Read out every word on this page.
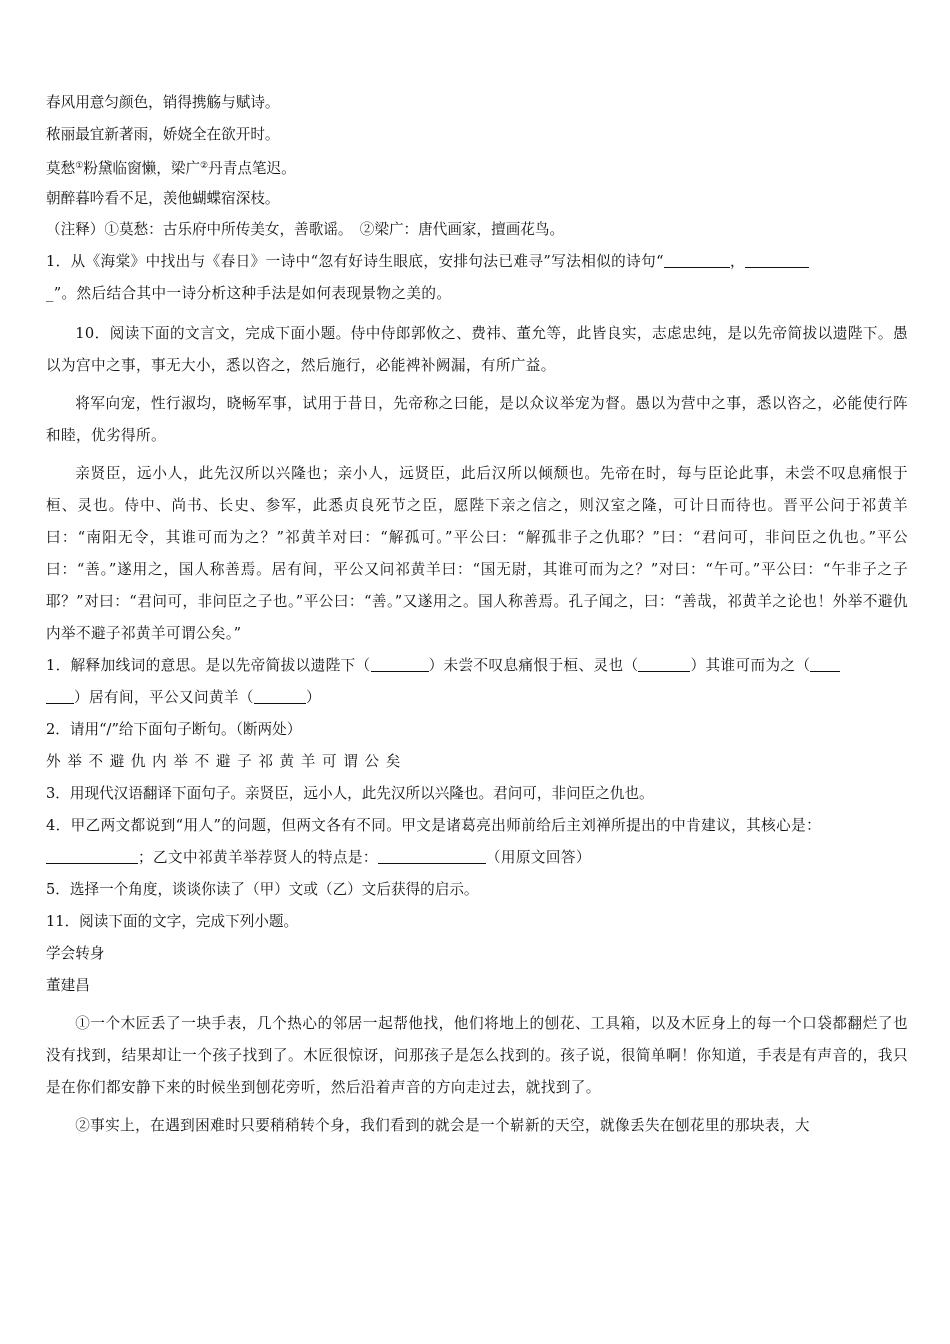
春风用意匀颜色，销得携觞与赋诗。

秾丽最宜新著雨，娇娆全在欲开时。

莫愁①粉黛临窗懒，梁广②丹青点笔迟。

朝醉暮吟看不足，羡他蝴蝶宿深枝。

（注释）①莫愁：古乐府中所传美女，善歌谣。　②梁广：唐代画家，擅画花鸟。

1．从《海棠》中找出与《春日》一诗中“忽有好诗生眼底，安排句法已难寻”写法相似的诗句“	，
_”。然后结合其中一诗分析这种手法是如何表现景物之美的。

10．阅读下面的文言文，完成下面小题。侍中侍郎郭攸之、费祎、董允等，此皆良实，志虑忠纯，是以先帝简拔以遗陛下。愚以为宫中之事，事无大小，悉以咨之，然后施行，必能裨补阙漏，有所广益。

将军向宠，性行淑均，晓畅军事，试用于昔日，先帝称之曰能，是以众议举宠为督。愚以为营中之事，悉以咨之，必能使行阵和睦，优劣得所。

亲贤臣，远小人，此先汉所以兴隆也；亲小人，远贤臣，此后汉所以倾颓也。先帝在时，每与臣论此事，未尝不叹息痛恨于桓、灵也。侍中、尚书、长史、参军，此悉贞良死节之臣，愿陛下亲之信之，则汉室之隆，可计日而待也。晋平公问于祁黄羊曰：“南阳无令，其谁可而为之？”祁黄羊对曰：“解孤可。”平公曰：“解孤非子之仇耶？”曰：“君问可，非问臣之仇也。”平公曰：“善。”遂用之，国人称善焉。居有间，平公又问祁黄羊曰：“国无尉，其谁可而为之？”对曰：“午可。”平公曰：“午非子之子耶？”对曰：“君问可，非问臣之子也。”平公曰：“善。”又遂用之。国人称善焉。孔子闻之，曰：“善哉，祁黄羊之论也！外举不避仇内举不避子祁黄羊可谓公矣。”

1．解释加线词的意思。是以先帝简拔以遗陛下（	）未尝不叹息痛恨于桓、灵也（	）其谁可而为之（
）居有间，平公又问黄羊（	）

2．请用“/”给下面句子断句。（断两处）

外 举 不 避 仇 内 举 不 避 子 祁 黄 羊 可 谓 公 矣

3．用现代汉语翻译下面句子。亲贤臣，远小人，此先汉所以兴隆也。君问可，非问臣之仇也。

4．甲乙两文都说到“用人”的问题，但两文各有不同。甲文是诸葛亮出师前给后主刘禅所提出的中肯建议，其核心是：
；乙文中祁黄羊举荐贤人的特点是：	（用原文回答）

5．选择一个角度，谈谈你读了（甲）文或（乙）文后获得的启示。

11．阅读下面的文字，完成下列小题。

学会转身

董建昌

①一个木匠丢了一块手表，几个热心的邻居一起帮他找，他们将地上的刨花、工具箱，以及木匠身上的每一个口袋都翻烂了也没有找到，结果却让一个孩子找到了。木匠很惊讶，问那孩子是怎么找到的。孩子说，很简单啊！你知道，手表是有声音的，我只是在你们都安静下来的时候坐到刨花旁听，然后沿着声音的方向走过去，就找到了。

②事实上，在遇到困难时只要稍稍转个身，我们看到的就会是一个崭新的天空，就像丢失在刨花里的那块表，大
